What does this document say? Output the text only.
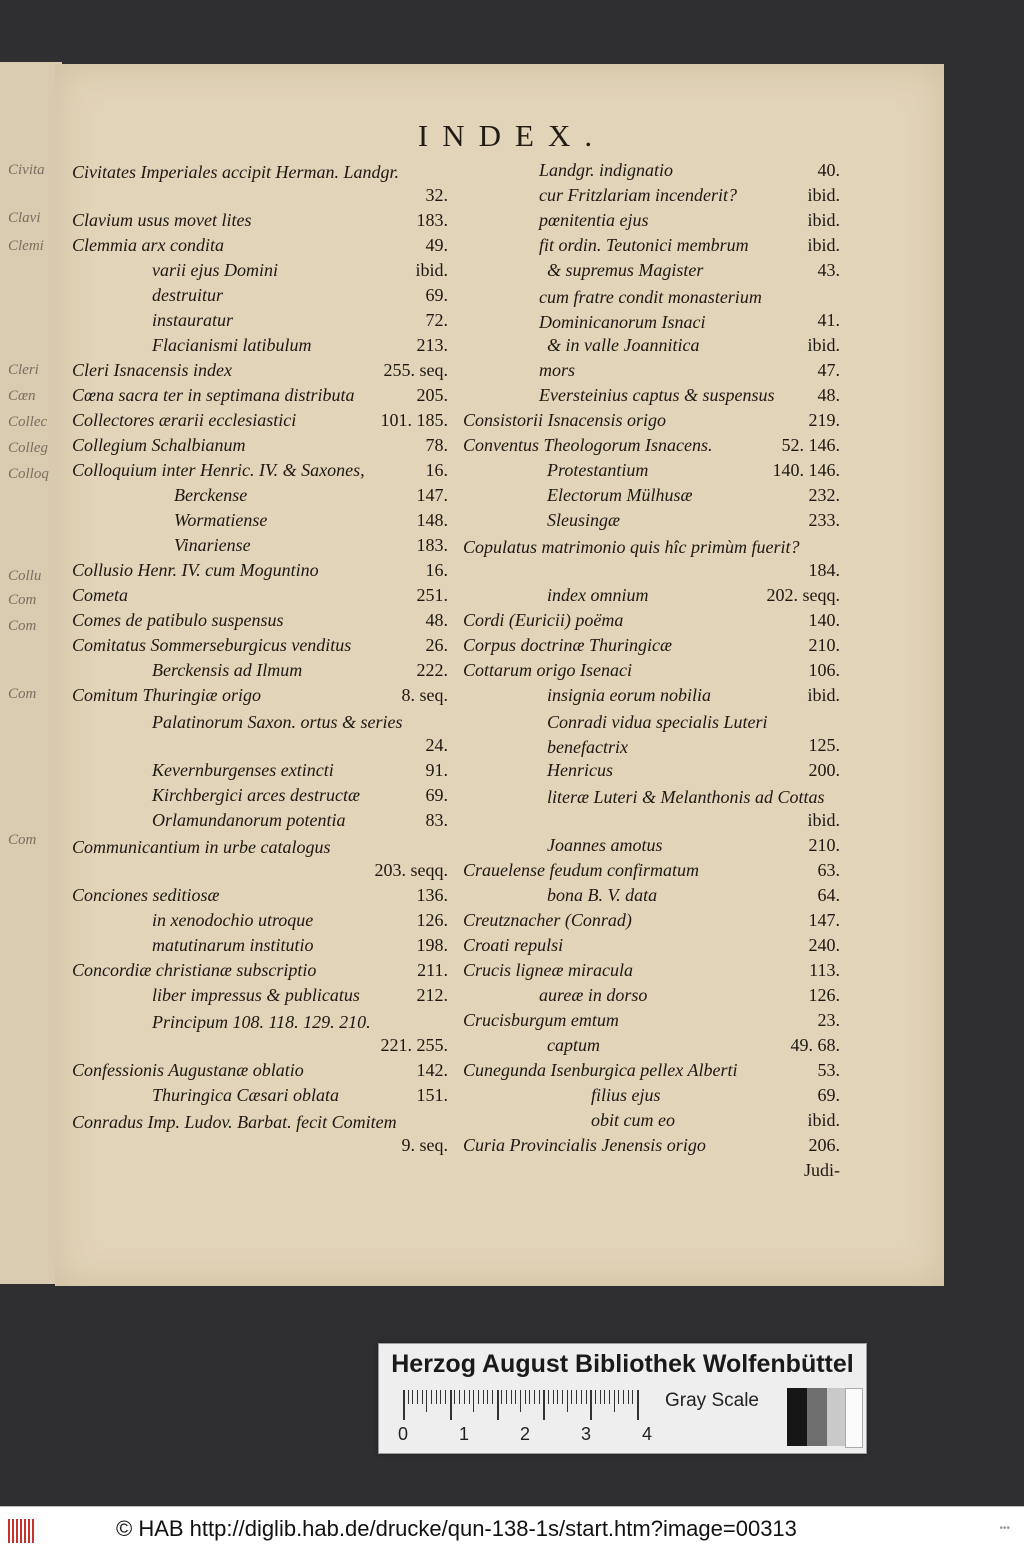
Civita
Clavi
Clemi
Cleri
Cœn
Collec
Colleg
Colloq
Collu
Com
Com
Com
Com
INDEX.
Civitates Imperiales accipit Herman. Landgr.
32.
Clavium usus movet lites	183.
Clemmia arx condita	49.
varii ejus Domini	ibid.
destruitur	69.
instauratur	72.
Flacianismi latibulum	213.
Cleri Isnacensis index	255. seq.
Cœna sacra ter in septimana distributa	205.
Collectores ærarii ecclesiastici	101. 185.
Collegium Schalbianum	78.
Colloquium inter Henric. IV. & Saxones,	16.
Berckense	147.
Wormatiense	148.
Vinariense	183.
Collusio Henr. IV. cum Moguntino	16.
Cometa	251.
Comes de patibulo suspensus	48.
Comitatus Sommerseburgicus venditus	26.
Berckensis ad Ilmum	222.
Comitum Thuringiæ origo	8. seq.
Palatinorum Saxon. ortus & series
24.
Kevernburgenses extincti	91.
Kirchbergici arces destructæ	69.
Orlamundanorum potentia	83.
Communicantium in urbe catalogus
203. seqq.
Conciones seditiosæ	136.
in xenodochio utroque	126.
matutinarum institutio	198.
Concordiæ christianæ subscriptio	211.
liber impressus & publicatus	212.
Principum 108. 118. 129. 210.
221. 255.
Confessionis Augustanæ oblatio	142.
Thuringica Cæsari oblata	151.
Conradus Imp. Ludov. Barbat. fecit Comitem
9. seq.
Landgr. indignatio	40.
cur Fritzlariam incenderit?	ibid.
pœnitentia ejus	ibid.
fit ordin. Teutonici membrum	ibid.
& supremus Magister	43.
cum fratre condit monasterium Dominicanorum Isnaci	41.
& in valle Joannitica	ibid.
mors	47.
Eversteinius captus & suspensus 48.
Consistorii Isnacensis origo	219.
Conventus Theologorum Isnacens.	52. 146.
Protestantium	140. 146.
Electorum Mülhusæ	232.
Sleusingæ	233.
Copulatus matrimonio quis hîc primùm fuerit?
184.
index omnium	202. seqq.
Cordi (Euricii) poëma	140.
Corpus doctrinæ Thuringicæ	210.
Cottarum origo Isenaci	106.
insignia eorum nobilia	ibid.
Conradi vidua specialis Luteri benefactrix	125.
Henricus	200.
literæ Luteri & Melanthonis ad Cottas
ibid.
Joannes amotus	210.
Crauelense feudum confirmatum	63.
bona B. V. data	64.
Creutznacher (Conrad)	147.
Croati repulsi	240.
Crucis ligneæ miracula	113.
aureæ in dorso	126.
Crucisburgum emtum	23.
captum	49. 68.
Cunegunda Isenburgica pellex Alberti	53.
filius ejus	69.
obit cum eo	ibid.
Curia Provincialis Jenensis origo	206.
Judi-
Herzog August Bibliothek Wolfenbüttel
0	1	2	3	4
Gray Scale
© HAB http://diglib.hab.de/drucke/qun-138-1s/start.htm?image=00313	•••
